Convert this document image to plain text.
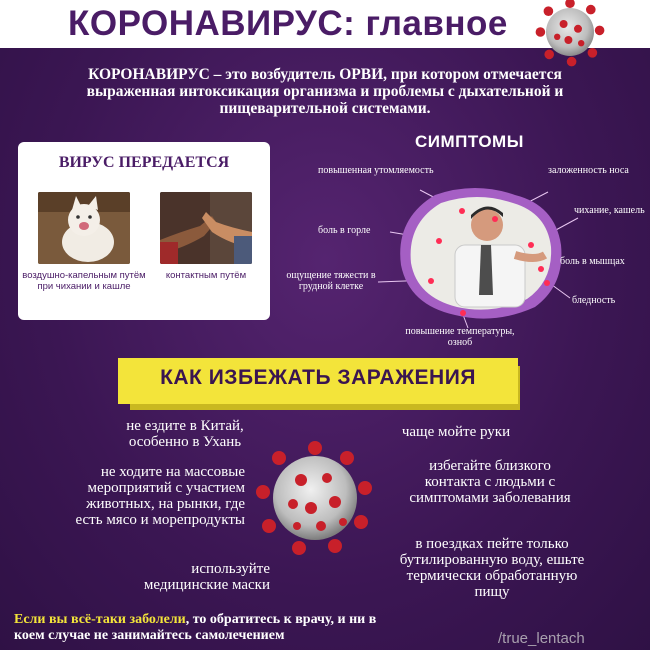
КОРОНАВИРУС: главное
КОРОНАВИРУС – это возбудитель ОРВИ, при котором отмечается выраженная интоксикация организма и проблемы с дыхательной и пищеварительной системами.
ВИРУС ПЕРЕДАЕТСЯ
воздушно-капельным путём при чихании и кашле
контактным путём
СИМПТОМЫ
повышенная утомляемость	заложенность носа
боль в горле
чихание, кашель
боль в мышцах
ощущение тяжести в грудной клетке
бледность
повышение температуры, озноб
КАК ИЗБЕЖАТЬ ЗАРАЖЕНИЯ
не ездите в Китай, особенно в Ухань
чаще мойте руки
не ходите на массовые мероприятий с участием животных, на рынки, где есть мясо и морепродукты
избегайте близкого контакта с людьми с симптомами заболевания
используйте медицинские маски
в поездках пейте только бутилированную воду, ешьте термически обработанную пищу
Если вы всё-таки заболели, то обратитесь к врачу, и ни в коем случае не занимайтесь самолечением	/true_lentach
